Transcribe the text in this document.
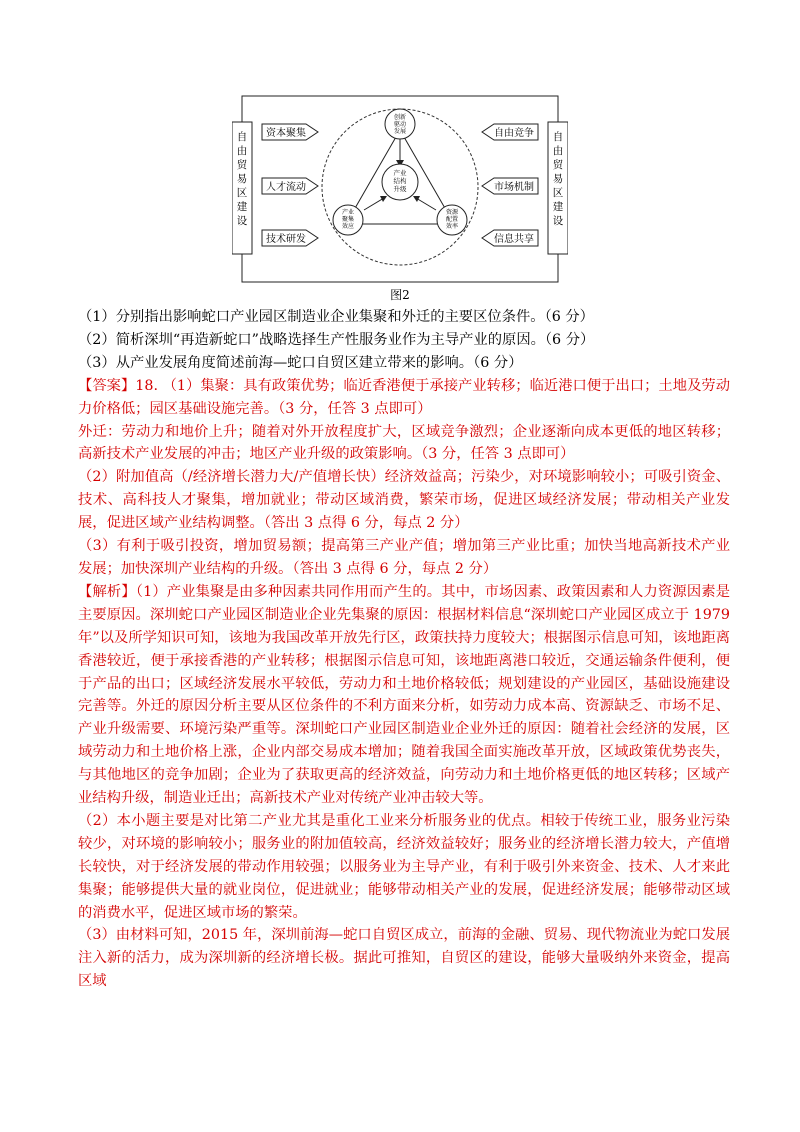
自由贸易区建设
自由贸易区建设
资本聚集
人才流动
技术研发
自由竞争
市场机制
信息共享
创新驱动发展
产业结构升级
产业聚集效应
资源配置效率
图2

（1）分别指出影响蛇口产业园区制造业企业集聚和外迁的主要区位条件。（6 分）

（2）简析深圳“再造新蛇口”战略选择生产性服务业作为主导产业的原因。（6 分）

（3）从产业发展角度简述前海—蛇口自贸区建立带来的影响。（6 分）

【答案】18. （1）集聚：具有政策优势；临近香港便于承接产业转移；临近港口便于出口；土地及劳动力价格低；园区基础设施完善。（3 分，任答 3 点即可）

外迁：劳动力和地价上升；随着对外开放程度扩大，区域竞争激烈；企业逐渐向成本更低的地区转移；高新技术产业发展的冲击；地区产业升级的政策影响。（3 分，任答 3 点即可）

（2）附加值高（/经济增长潜力大/产值增长快）经济效益高；污染少，对环境影响较小；可吸引资金、技术、高科技人才聚集，增加就业；带动区域消费，繁荣市场，促进区域经济发展；带动相关产业发展，促进区域产业结构调整。（答出 3 点得 6 分，每点 2 分）

（3）有利于吸引投资，增加贸易额；提高第三产业产值；增加第三产业比重；加快当地高新技术产业发展；加快深圳产业结构的升级。（答出 3 点得 6 分，每点 2 分）

【解析】（1）产业集聚是由多种因素共同作用而产生的。其中，市场因素、政策因素和人力资源因素是主要原因。深圳蛇口产业园区制造业企业先集聚的原因：根据材料信息“深圳蛇口产业园区成立于 1979 年”以及所学知识可知，该地为我国改革开放先行区，政策扶持力度较大；根据图示信息可知，该地距离香港较近，便于承接香港的产业转移；根据图示信息可知，该地距离港口较近，交通运输条件便利，便于产品的出口；区域经济发展水平较低，劳动力和土地价格较低；规划建设的产业园区，基础设施建设完善等。外迁的原因分析主要从区位条件的不利方面来分析，如劳动力成本高、资源缺乏、市场不足、产业升级需要、环境污染严重等。深圳蛇口产业园区制造业企业外迁的原因：随着社会经济的发展，区域劳动力和土地价格上涨，企业内部交易成本增加；随着我国全面实施改革开放，区域政策优势丧失，与其他地区的竞争加剧；企业为了获取更高的经济效益，向劳动力和土地价格更低的地区转移；区域产业结构升级，制造业迁出；高新技术产业对传统产业冲击较大等。

（2）本小题主要是对比第二产业尤其是重化工业来分析服务业的优点。相较于传统工业，服务业污染较少，对环境的影响较小；服务业的附加值较高，经济效益较好；服务业的经济增长潜力较大，产值增长较快，对于经济发展的带动作用较强；以服务业为主导产业，有利于吸引外来资金、技术、人才来此集聚；能够提供大量的就业岗位，促进就业；能够带动相关产业的发展，促进经济发展；能够带动区域的消费水平，促进区域市场的繁荣。

（3）由材料可知，2015 年，深圳前海—蛇口自贸区成立，前海的金融、贸易、现代物流业为蛇口发展注入新的活力，成为深圳新的经济增长极。据此可推知，自贸区的建设，能够大量吸纳外来资金，提高区域
